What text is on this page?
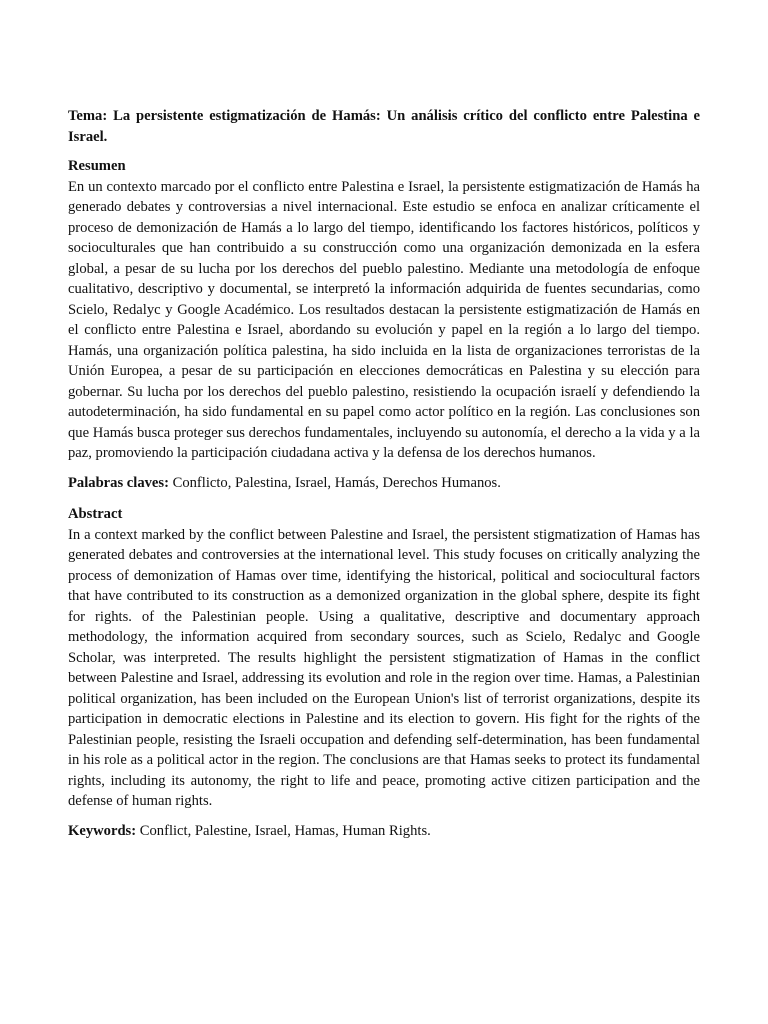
Tema: La persistente estigmatización de Hamás: Un análisis crítico del conflicto entre Palestina e Israel.

Resumen

En un contexto marcado por el conflicto entre Palestina e Israel, la persistente estigmatización de Hamás ha generado debates y controversias a nivel internacional. Este estudio se enfoca en analizar críticamente el proceso de demonización de Hamás a lo largo del tiempo, identificando los factores históricos, políticos y socioculturales que han contribuido a su construcción como una organización demonizada en la esfera global, a pesar de su lucha por los derechos del pueblo palestino. Mediante una metodología de enfoque cualitativo, descriptivo y documental, se interpretó la información adquirida de fuentes secundarias, como Scielo, Redalyc y Google Académico. Los resultados destacan la persistente estigmatización de Hamás en el conflicto entre Palestina e Israel, abordando su evolución y papel en la región a lo largo del tiempo. Hamás, una organización política palestina, ha sido incluida en la lista de organizaciones terroristas de la Unión Europea, a pesar de su participación en elecciones democráticas en Palestina y su elección para gobernar. Su lucha por los derechos del pueblo palestino, resistiendo la ocupación israelí y defendiendo la autodeterminación, ha sido fundamental en su papel como actor político en la región. Las conclusiones son que Hamás busca proteger sus derechos fundamentales, incluyendo su autonomía, el derecho a la vida y a la paz, promoviendo la participación ciudadana activa y la defensa de los derechos humanos.

Palabras claves: Conflicto, Palestina, Israel, Hamás, Derechos Humanos.

Abstract

In a context marked by the conflict between Palestine and Israel, the persistent stigmatization of Hamas has generated debates and controversies at the international level. This study focuses on critically analyzing the process of demonization of Hamas over time, identifying the historical, political and sociocultural factors that have contributed to its construction as a demonized organization in the global sphere, despite its fight for rights. of the Palestinian people. Using a qualitative, descriptive and documentary approach methodology, the information acquired from secondary sources, such as Scielo, Redalyc and Google Scholar, was interpreted. The results highlight the persistent stigmatization of Hamas in the conflict between Palestine and Israel, addressing its evolution and role in the region over time. Hamas, a Palestinian political organization, has been included on the European Union's list of terrorist organizations, despite its participation in democratic elections in Palestine and its election to govern. His fight for the rights of the Palestinian people, resisting the Israeli occupation and defending self-determination, has been fundamental in his role as a political actor in the region. The conclusions are that Hamas seeks to protect its fundamental rights, including its autonomy, the right to life and peace, promoting active citizen participation and the defense of human rights.

Keywords: Conflict, Palestine, Israel, Hamas, Human Rights.
